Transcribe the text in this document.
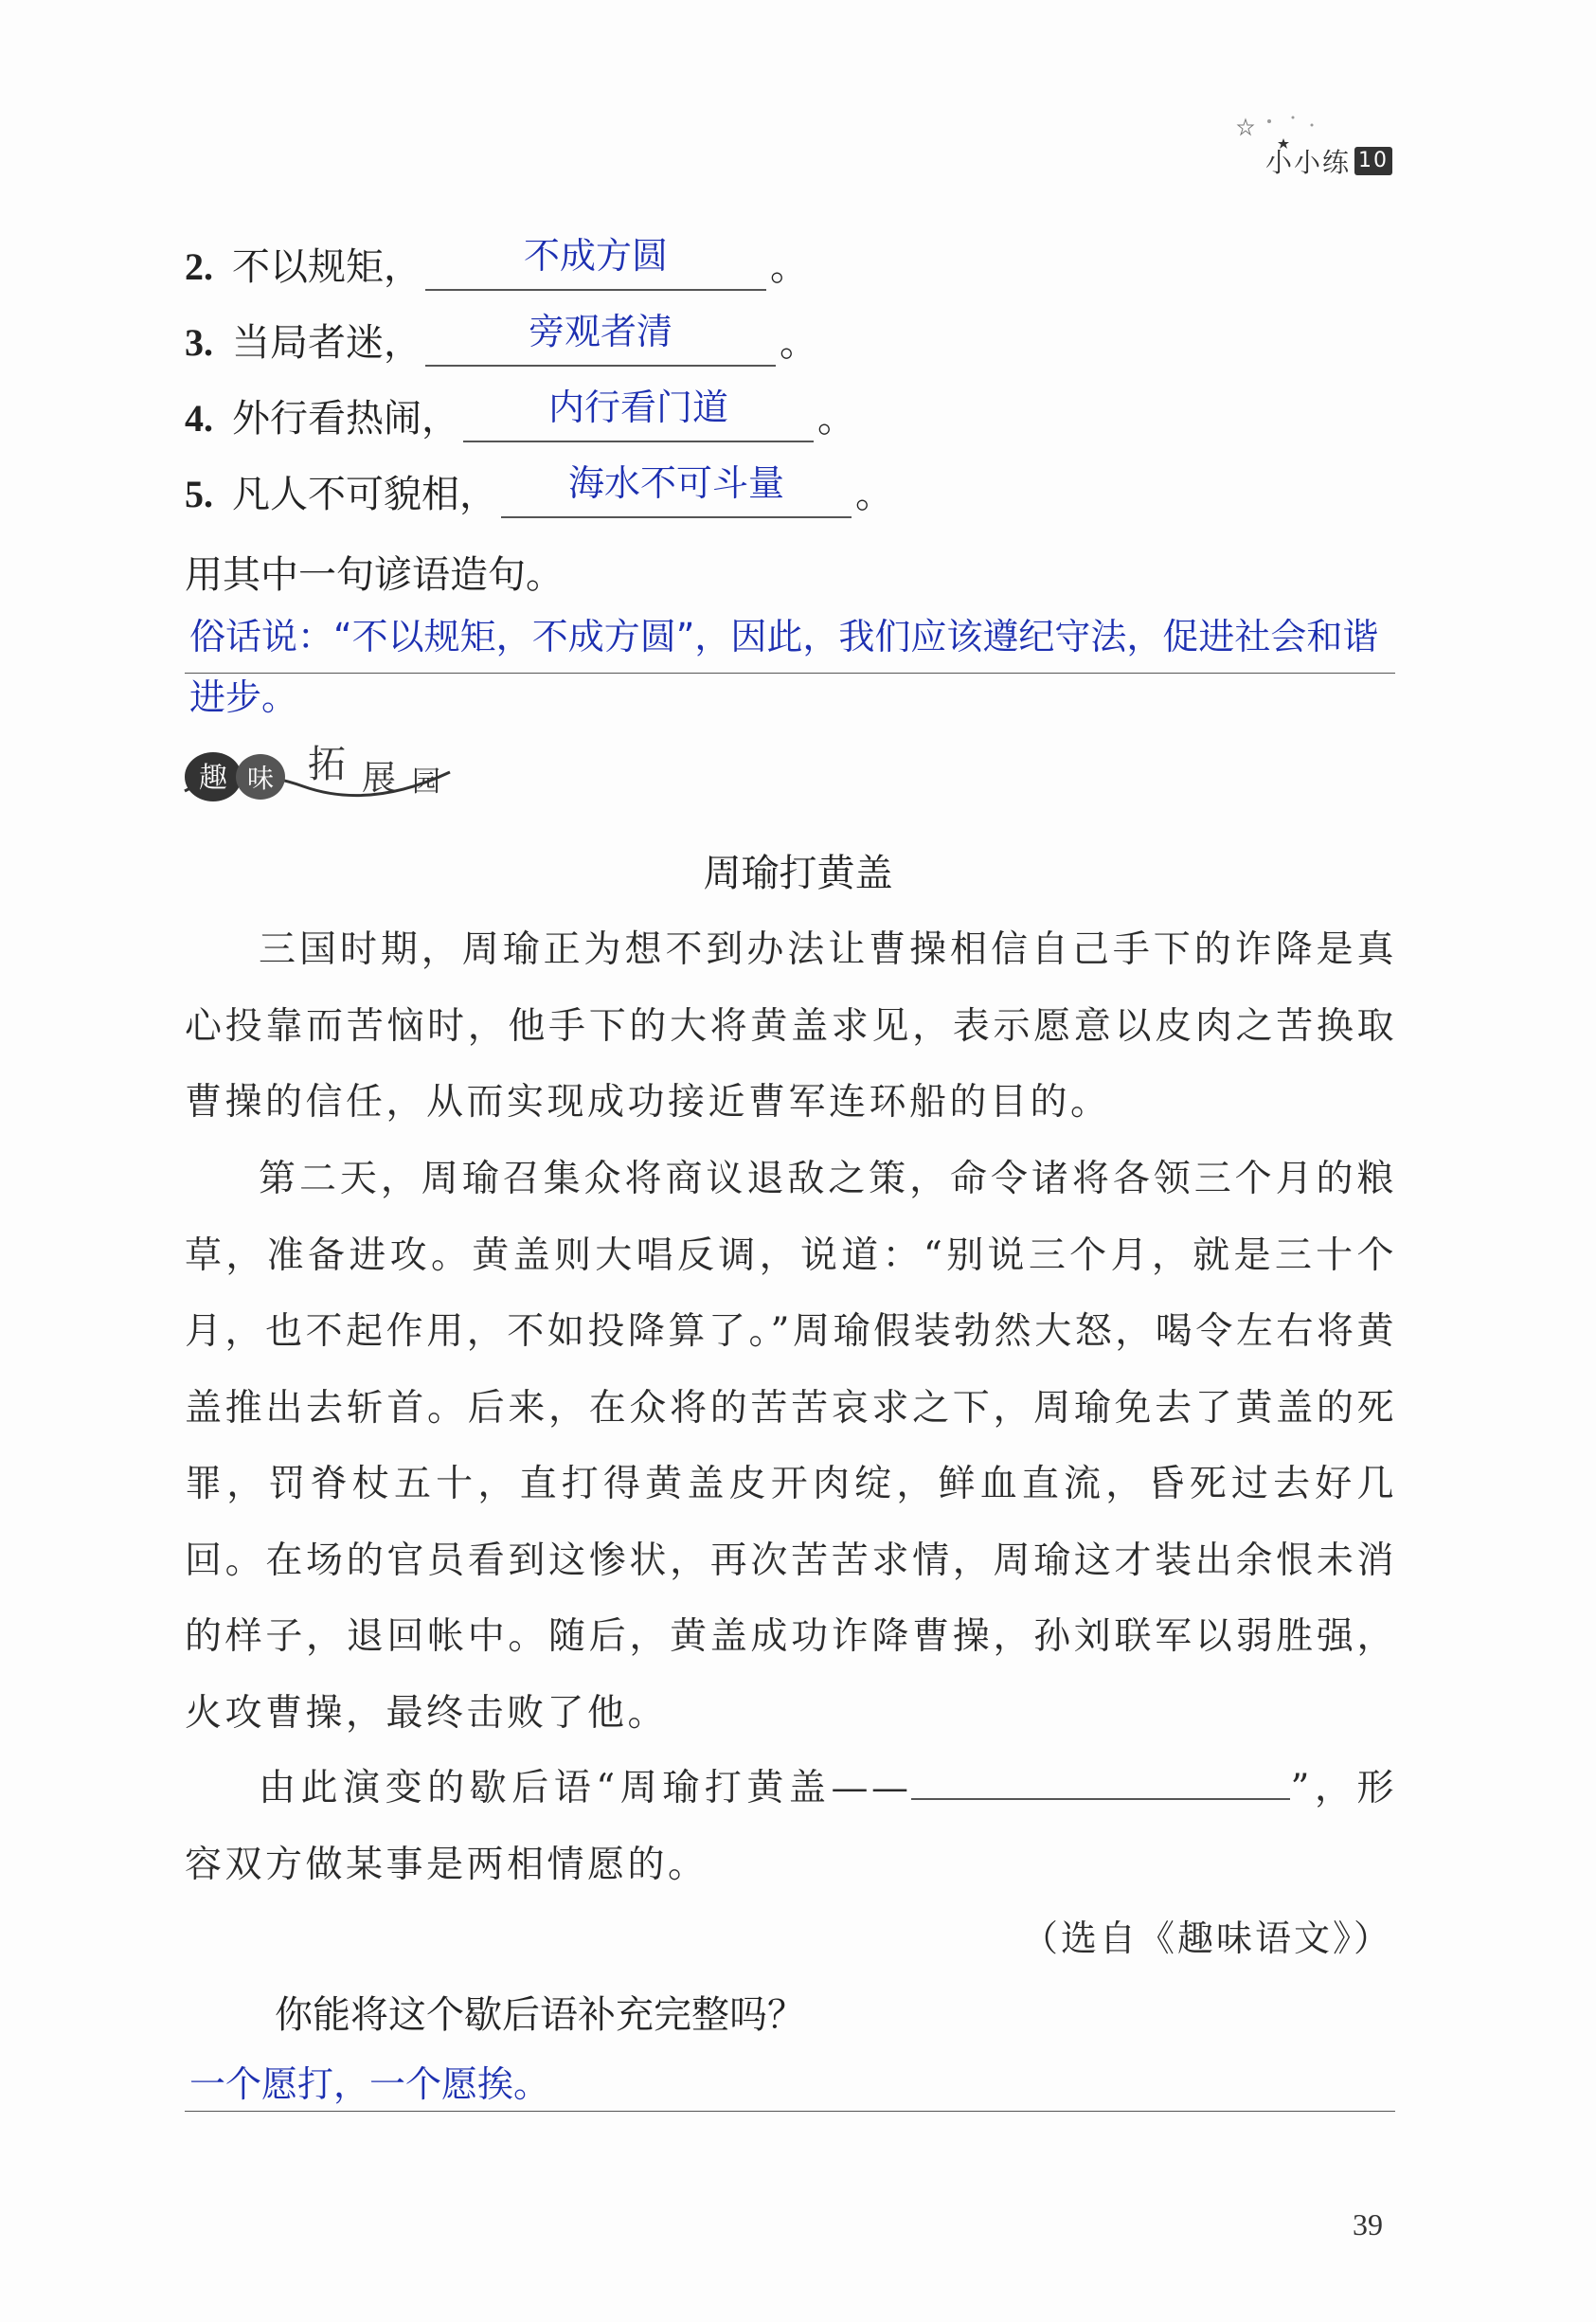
小小练 10
2. 不以规矩，	不成方圆	。
3. 当局者迷，	旁观者清	。
4. 外行看热闹，	内行看门道	。
5. 凡人不可貌相，	海水不可斗量	。
用其中一句谚语造句。
俗话说：“不以规矩，不成方圆”，因此，我们应该遵纪守法，促进社会和谐进步。
趣 味 拓 展 园
周瑜打黄盖
三国时期，周瑜正为想不到办法让曹操相信自己手下的诈降是真心投靠而苦恼时，他手下的大将黄盖求见，表示愿意以皮肉之苦换取曹操的信任，从而实现成功接近曹军连环船的目的。
第二天，周瑜召集众将商议退敌之策，命令诸将各领三个月的粮草，准备进攻。黄盖则大唱反调，说道：“别说三个月，就是三十个月，也不起作用，不如投降算了。”周瑜假装勃然大怒，喝令左右将黄盖推出去斩首。后来，在众将的苦苦哀求之下，周瑜免去了黄盖的死罪，罚脊杖五十，直打得黄盖皮开肉绽，鲜血直流，昏死过去好几回。在场的官员看到这惨状，再次苦苦求情，周瑜这才装出余恨未消的样子，退回帐中。随后，黄盖成功诈降曹操，孙刘联军以弱胜强，火攻曹操，最终击败了他。
由此演变的歇后语“周瑜打黄盖——	”，形容双方做某事是两相情愿的。
（选自《趣味语文》）
你能将这个歇后语补充完整吗？
一个愿打，一个愿挨。
39
